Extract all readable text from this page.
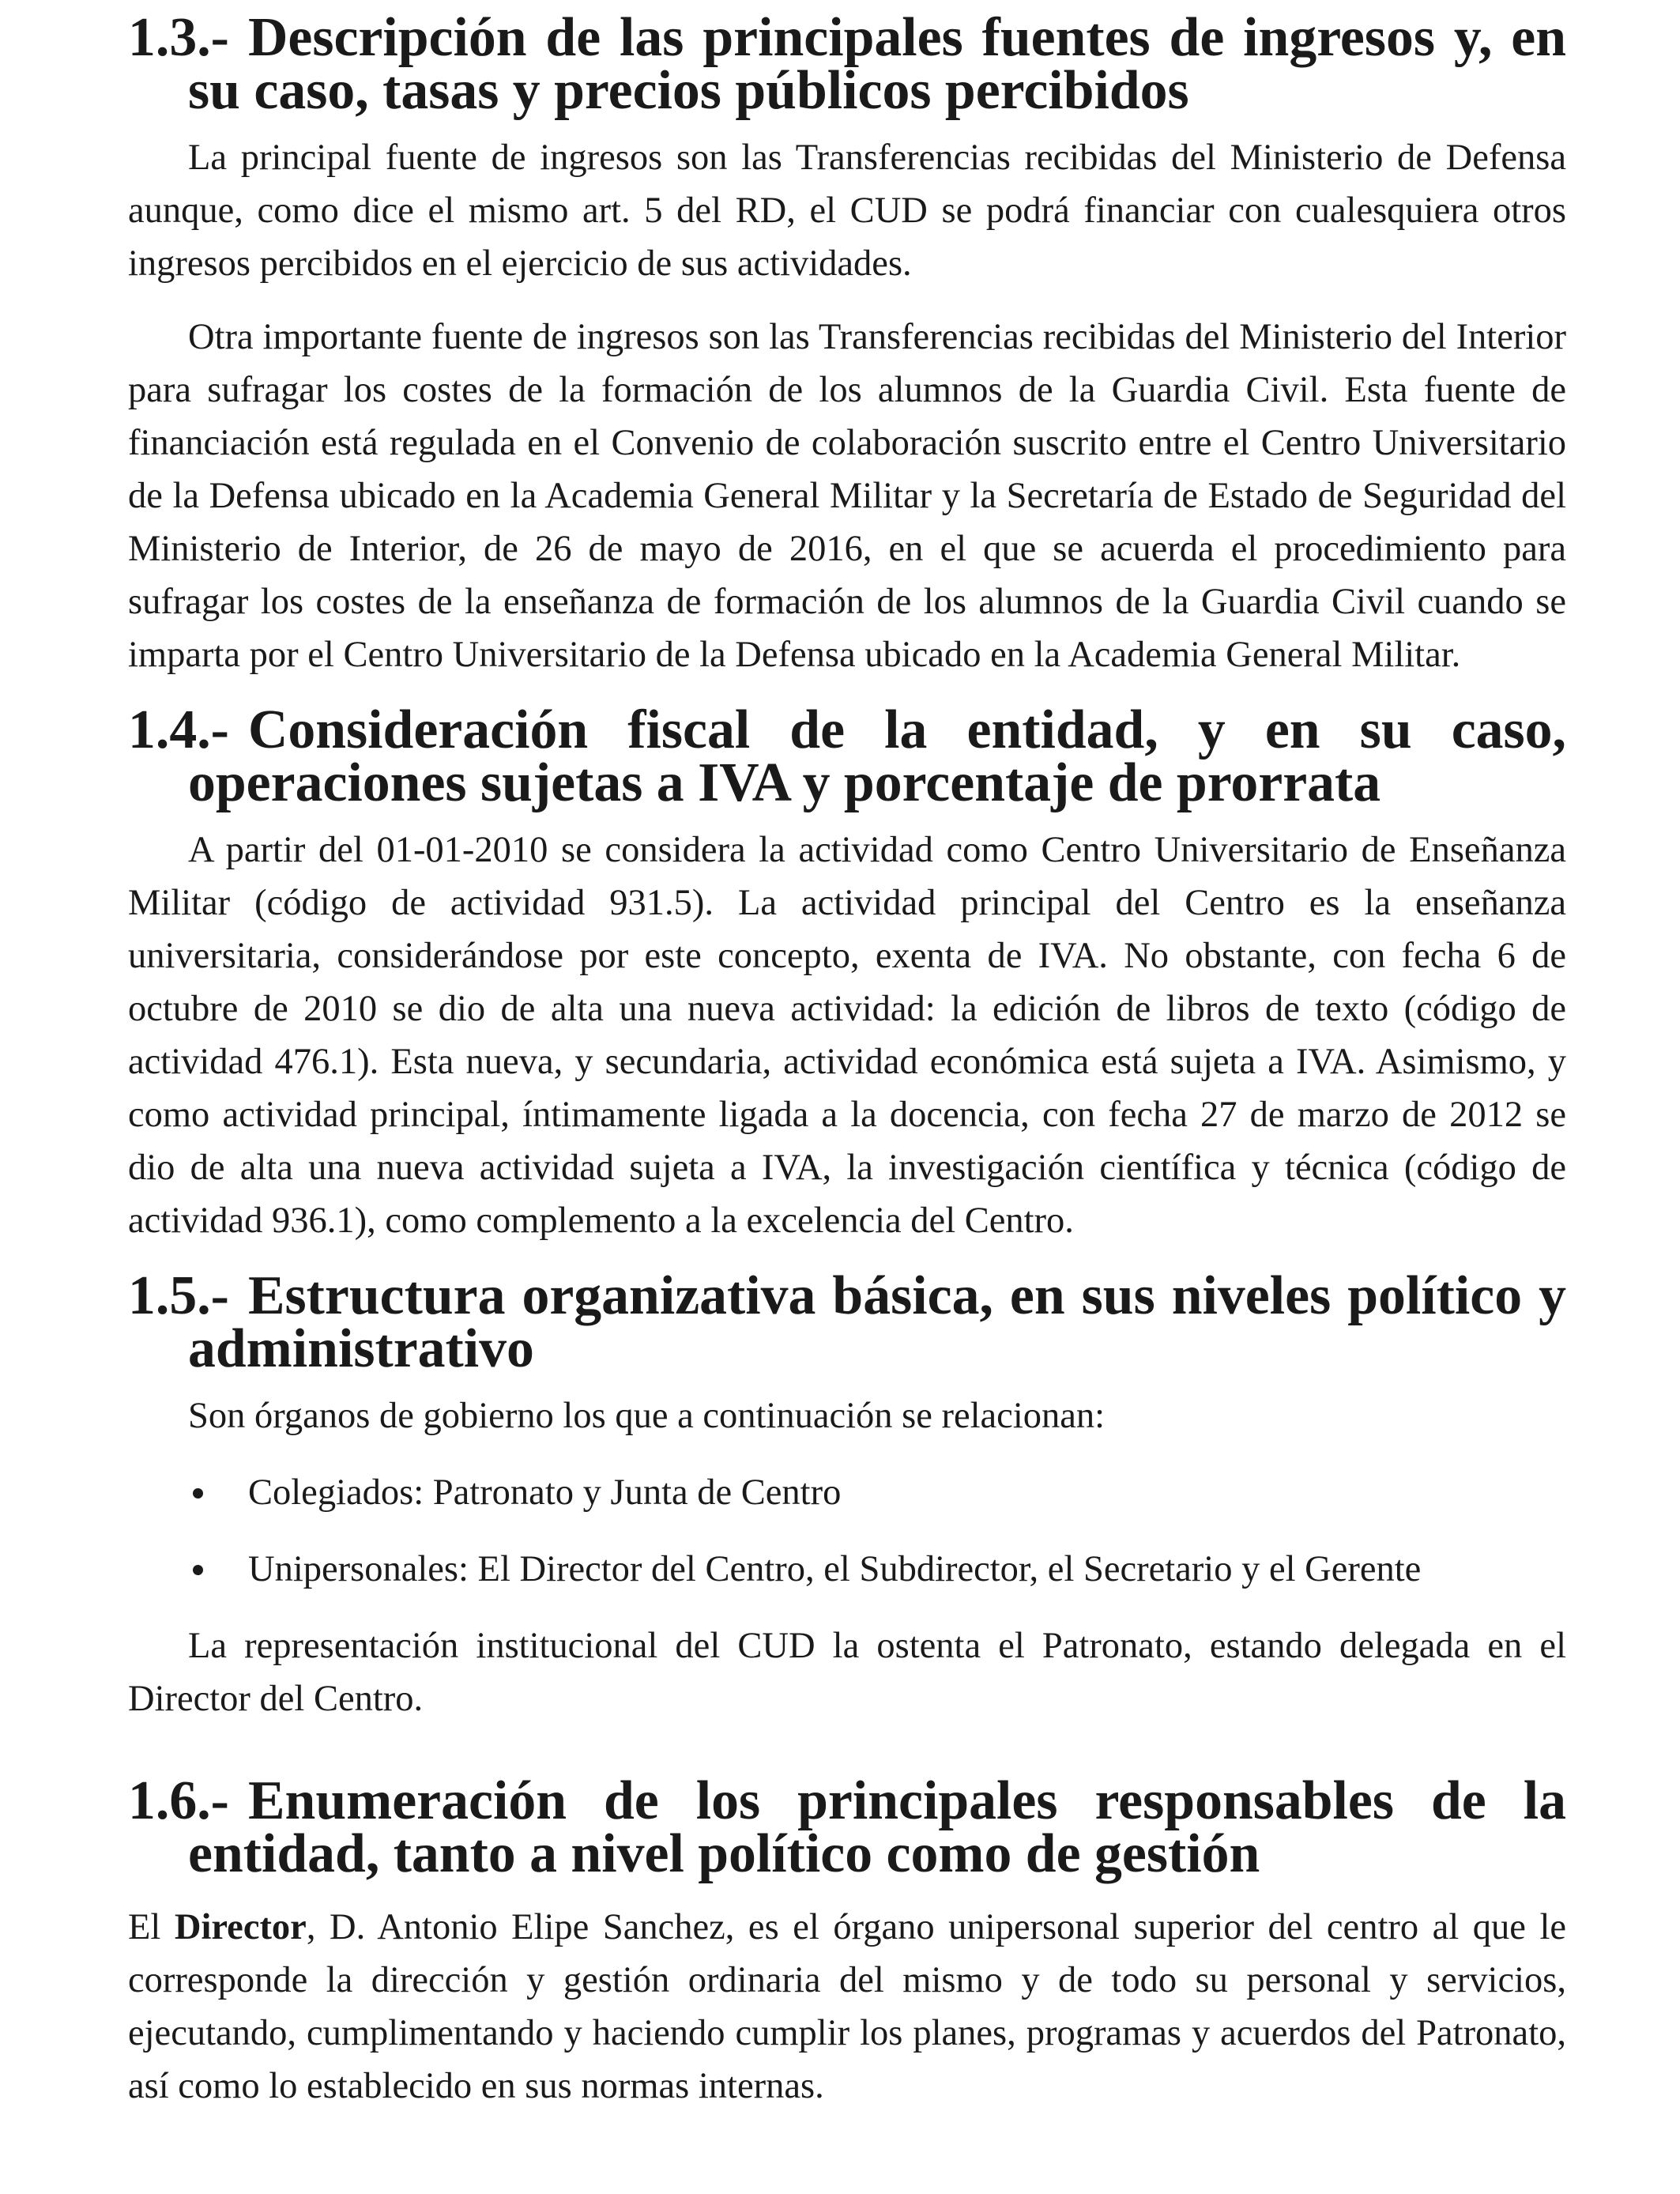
1.3.- Descripción de las principales fuentes de ingresos y, en su caso, tasas y precios públicos percibidos

La principal fuente de ingresos son las Transferencias recibidas del Ministerio de Defensa aunque, como dice el mismo art. 5 del RD, el CUD se podrá financiar con cualesquiera otros ingresos percibidos en el ejercicio de sus actividades.

Otra importante fuente de ingresos son las Transferencias recibidas del Ministerio del Interior para sufragar los costes de la formación de los alumnos de la Guardia Civil. Esta fuente de financiación está regulada en el Convenio de colaboración suscrito entre el Centro Universitario de la Defensa ubicado en la Academia General Militar y la Secretaría de Estado de Seguridad del Ministerio de Interior, de 26 de mayo de 2016, en el que se acuerda el procedimiento para sufragar los costes de la enseñanza de formación de los alumnos de la Guardia Civil cuando se imparta por el Centro Universitario de la Defensa ubicado en la Academia General Militar.

1.4.- Consideración fiscal de la entidad, y en su caso, operaciones sujetas a IVA y porcentaje de prorrata

A partir del 01-01-2010 se considera la actividad como Centro Universitario de Enseñanza Militar (código de actividad 931.5). La actividad principal del Centro es la enseñanza universitaria, considerándose por este concepto, exenta de IVA. No obstante, con fecha 6 de octubre de 2010 se dio de alta una nueva actividad: la edición de libros de texto (código de actividad 476.1). Esta nueva, y secundaria, actividad económica está sujeta a IVA. Asimismo, y como actividad principal, íntimamente ligada a la docencia, con fecha 27 de marzo de 2012 se dio de alta una nueva actividad sujeta a IVA, la investigación científica y técnica (código de actividad 936.1), como complemento a la excelencia del Centro.

1.5.- Estructura organizativa básica, en sus niveles político y administrativo

Son órganos de gobierno los que a continuación se relacionan:

Colegiados: Patronato y Junta de Centro
Unipersonales: El Director del Centro, el Subdirector, el Secretario y el Gerente

La representación institucional del CUD la ostenta el Patronato, estando delegada en el Director del Centro.

1.6.- Enumeración de los principales responsables de la entidad, tanto a nivel político como de gestión

El Director, D. Antonio Elipe Sanchez, es el órgano unipersonal superior del centro al que le corresponde la dirección y gestión ordinaria del mismo y de todo su personal y servicios, ejecutando, cumplimentando y haciendo cumplir los planes, programas y acuerdos del Patronato, así como lo establecido en sus normas internas.
